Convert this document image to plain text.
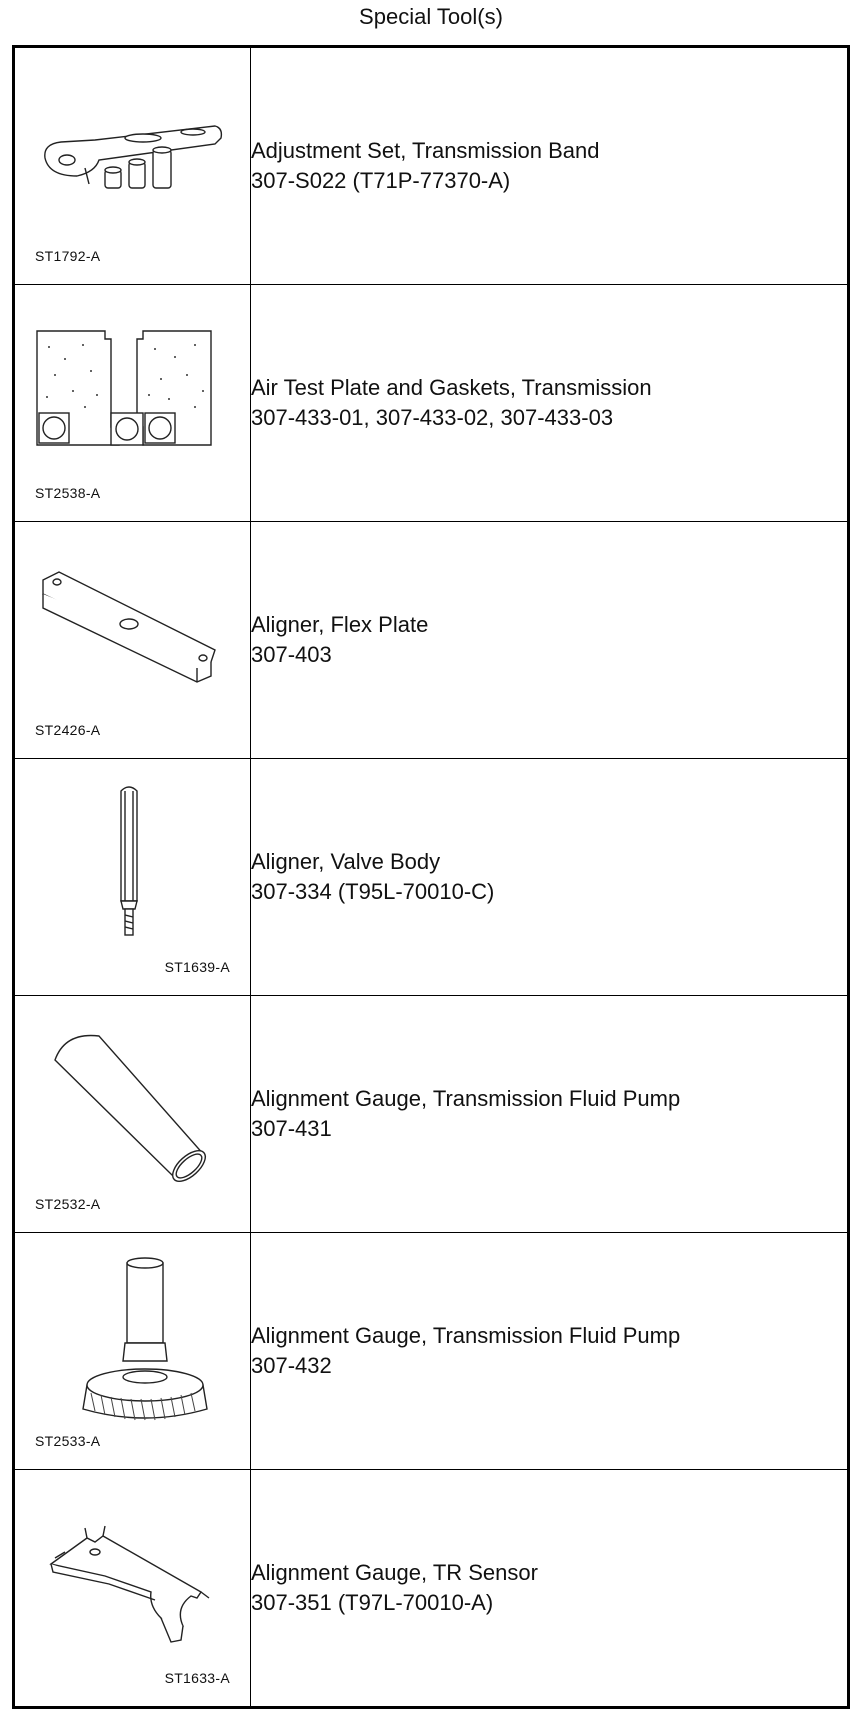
Special Tool(s)
ST1792-A	Adjustment Set, Transmission Band
307-S022 (T71P-77370-A)

ST2538-A	Air Test Plate and Gaskets, Transmission
307-433-01, 307-433-02, 307-433-03

ST2426-A	Aligner, Flex Plate
307-403

ST1639-A	Aligner, Valve Body
307-334 (T95L-70010-C)

ST2532-A	Alignment Gauge, Transmission Fluid Pump
307-431

ST2533-A	Alignment Gauge, Transmission Fluid Pump
307-432

ST1633-A	Alignment Gauge, TR Sensor
307-351 (T97L-70010-A)
